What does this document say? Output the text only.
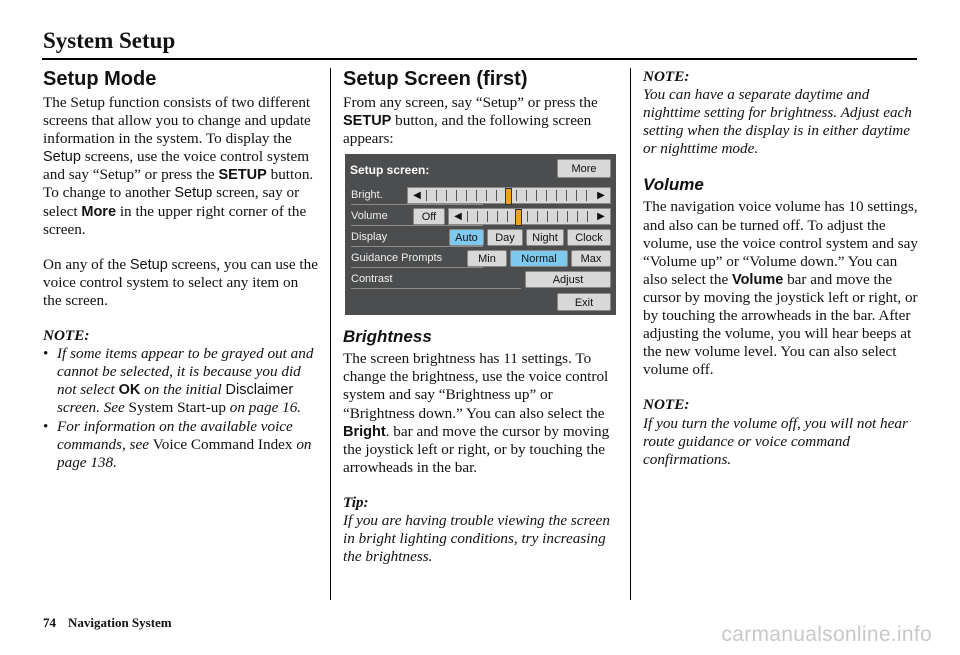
System Setup
Setup Mode

The Setup function consists of two different screens that allow you to change and update information in the system. To display the Setup screens, use the voice control system and say “Setup” or press the SETUP button. To change to another Setup screen, say or select More in the upper right corner of the screen.

On any of the Setup screens, you can use the voice control system to select any item on the screen.

NOTE:

• If some items appear to be grayed out and cannot be selected, it is because you did not select OK on the initial Disclaimer screen. See System Start-up on page 16.
• For information on the available voice commands, see Voice Command Index on page 138.
Setup Screen (first)

From any screen, say “Setup” or press the SETUP button, and the following screen appears:

Setup screen:	More
Bright.	◀	▶
Volume	Off	◀	▶
Display	Auto	Day	Night	Clock
Guidance Prompts	Min	Normal	Max
Contrast	Adjust
Exit
Brightness

The screen brightness has 11 settings. To change the brightness, use the voice control system and say “Brightness up” or “Brightness down.” You can also select the Bright. bar and move the cursor by moving the joystick left or right, or by touching the arrowheads in the bar.

Tip:

If you are having trouble viewing the screen in bright lighting conditions, try increasing the brightness.

NOTE:

You can have a separate daytime and nighttime setting for brightness. Adjust each setting when the display is in either daytime or nighttime mode.

Volume

The navigation voice volume has 10 settings, and also can be turned off. To adjust the volume, use the voice control system and say “Volume up” or “Volume down.” You can also select the Volume bar and move the cursor by moving the joystick left or right, or by touching the arrowheads in the bar. After adjusting the volume, you will hear beeps at the new volume level. You can also select volume off.

NOTE:

If you turn the volume off, you will not hear route guidance or voice command confirmations.

74 Navigation System
carmanualsonline.info
